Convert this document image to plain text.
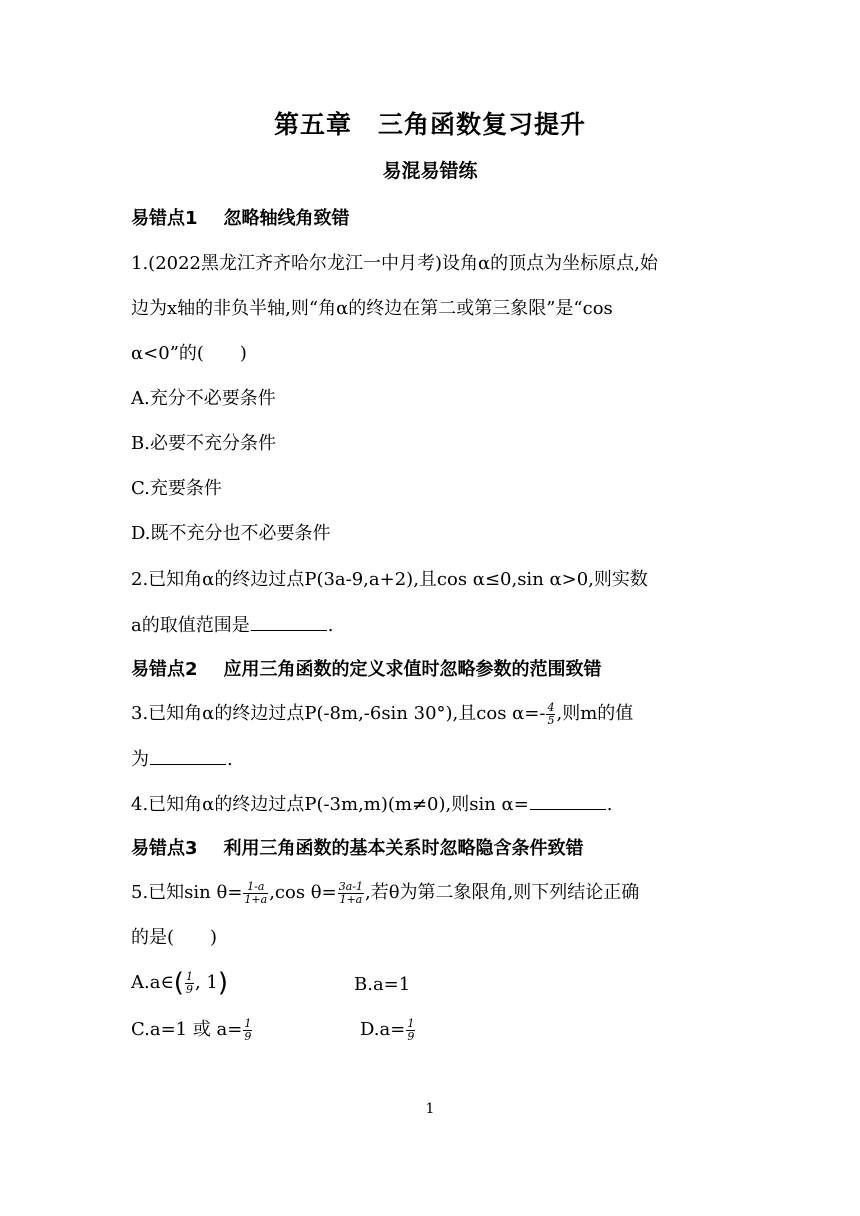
第五章　三角函数复习提升
易混易错练
易错点1 忽略轴线角致错
1.(2022黑龙江齐齐哈尔龙江一中月考)设角α的顶点为坐标原点,始
边为x轴的非负半轴,则“角α的终边在第二或第三象限”是“cos
α<0”的(　　)
A.充分不必要条件
B.必要不充分条件
C.充要条件
D.既不充分也不必要条件
2.已知角α的终边过点P(3a-9,a+2),且cos α≤0,sin α>0,则实数
a的取值范围是	.
易错点2 应用三角函数的定义求值时忽略参数的范围致错
3.已知角α的终边过点P(-8m,-6sin 30°),且$\cos \alpha=- \frac{4}{5}$ ,则m的值
为	.
4.已知角α的终边过点P(-3m,m)(m≠0),则sin α=	.
易错点3 利用三角函数的基本关系时忽略隐含条件致错
5.已知$\sin \theta= \frac{1-a}{1+a} ,\cos$ $\theta= \frac{3a-1}{1+a}$ ,若θ为第二象限角,则下列结论正确
的是(　　)
A.a∈( $\frac{1}{9}$ , 1)	B.a=1
C.a=1 或 $a= \frac{1}{9}$	$D.a= \frac{1}{9}$
1
